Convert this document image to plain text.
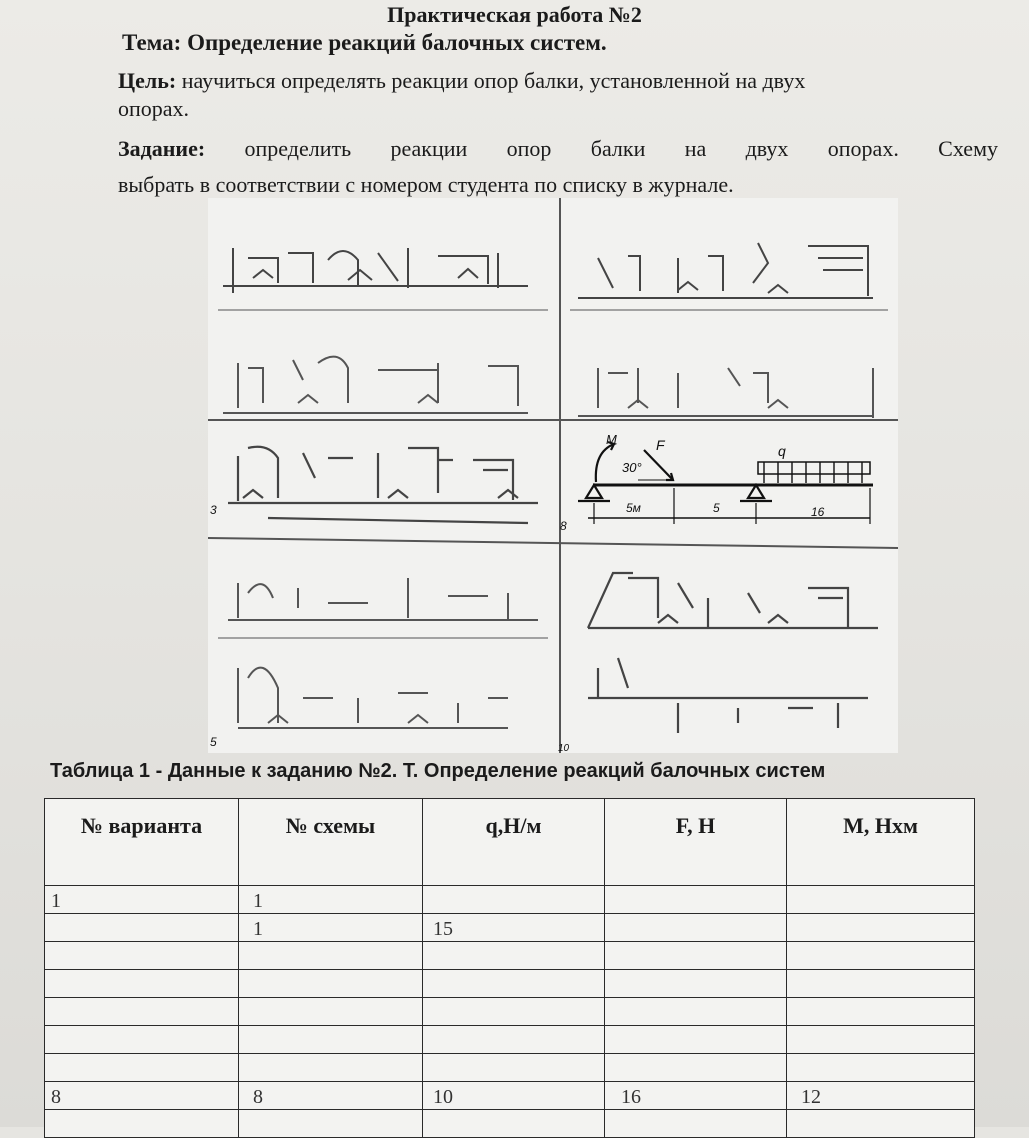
Практическая работа №2
Тема: Определение реакций балочных систем.
Цель: научиться определять реакции опор балки, установленной на двух
опорах.
Задание: определить реакции опор балки на двух опорах. Схему
выбрать в соответствии с номером студента по списку в журнале.
M	F
30°
q
5м	5	16
8
3
5	10
Таблица 1 - Данные к заданию №2. Т. Определение реакций балочных систем
№ варианта	№ схемы	q,Н/м	F, Н	М, Нхм
1	1			
	1	15		

8	8	10	16	12
